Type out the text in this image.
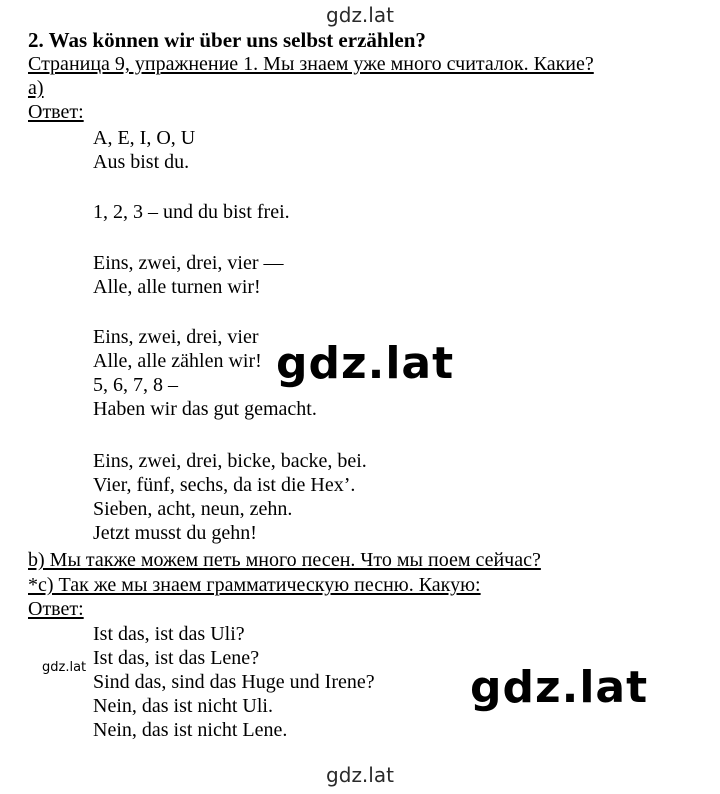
gdz.lat
2. Was können wir über uns selbst erzählen?
Страница 9, упражнение 1. Мы знаем уже много считалок. Какие?
а)
Ответ:
A, E, I, O, U
Aus bist du.
1, 2, 3 – und du bist frei.
Eins, zwei, drei, vier —
Alle, alle turnen wir!
Eins, zwei, drei, vier
Alle, alle zählen wir!
5, 6, 7, 8 –
Haben wir das gut gemacht.
Eins, zwei, drei, bicke, backe, bei.
Vier, fünf, sechs, da ist die Hex’.
Sieben, acht, neun, zehn.
Jetzt musst du gehn!
b) Мы также можем петь много песен. Что мы поем сейчас?
*с) Так же мы знаем грамматическую песню. Какую:
Ответ:
Ist das, ist das Uli?
Ist das, ist das Lene?
Sind das, sind das Huge und Irene?
Nein, das ist nicht Uli.
Nein, das ist nicht Lene.
gdz.lat
gdz.lat	gdz.lat
gdz.lat
